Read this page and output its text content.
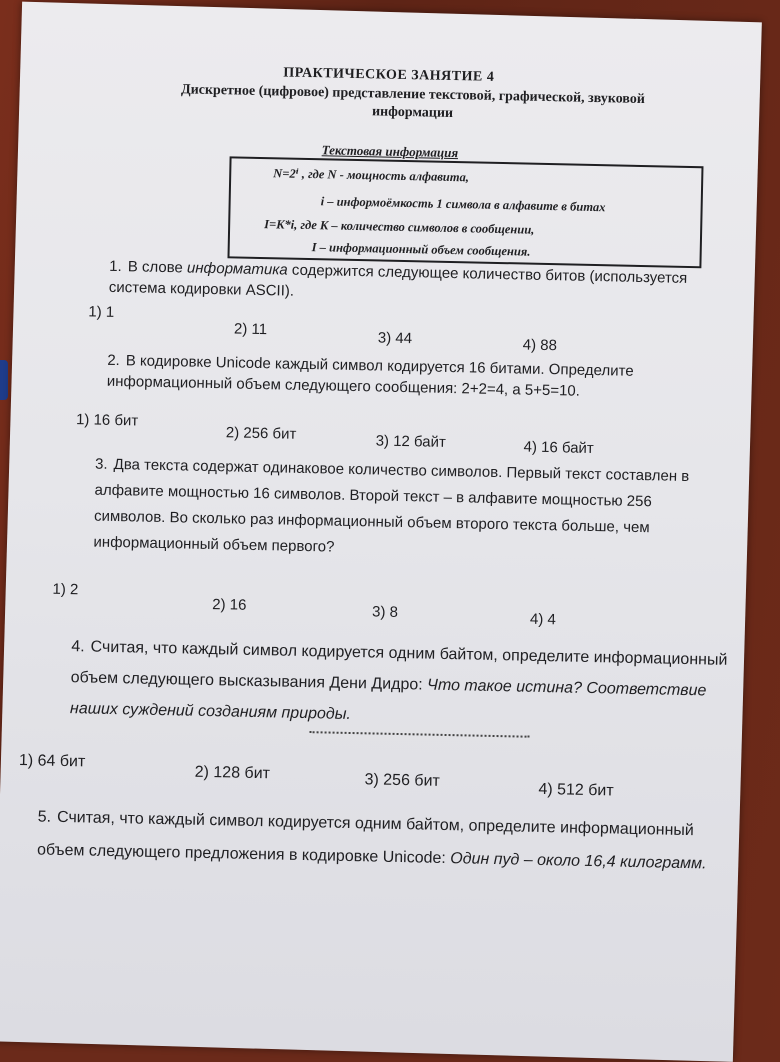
ПРАКТИЧЕСКОЕ ЗАНЯТИЕ 4
Дискретное (цифровое) представление текстовой, графической, звуковой информации
Текстовая информация
N=2ⁱ , где N - мощность алфавита,
i – информоёмкость 1 символа в алфавите в битах
I=K*i, где K – количество символов в сообщении,
I – информационный объем сообщения.
1. В слове информатика содержится следующее количество битов (используется система кодировки ASCII).
1) 1
2) 11
3) 44	4) 88
2. В кодировке Unicode каждый символ кодируется 16 битами. Определите информационный объем следующего сообщения: 2+2=4, а 5+5=10.
1) 16 бит
2) 256 бит	3) 12 байт	4) 16 байт
3. Два текста содержат одинаковое количество символов. Первый текст составлен в алфавите мощностью 16 символов. Второй текст – в алфавите мощностью 256 символов. Во сколько раз информационный объем второго текста больше, чем информационный объем первого?
1) 2
2) 16	3) 8	4) 4
4. Считая, что каждый символ кодируется одним байтом, определите информационный объем следующего высказывания Дени Дидро: Что такое истина? Соответствие наших суждений созданиям природы.
1) 64 бит
2) 128 бит	3) 256 бит
4) 512 бит
5. Считая, что каждый символ кодируется одним байтом, определите информационный объем следующего предложения в кодировке Unicode: Один пуд – около 16,4 килограмм.
